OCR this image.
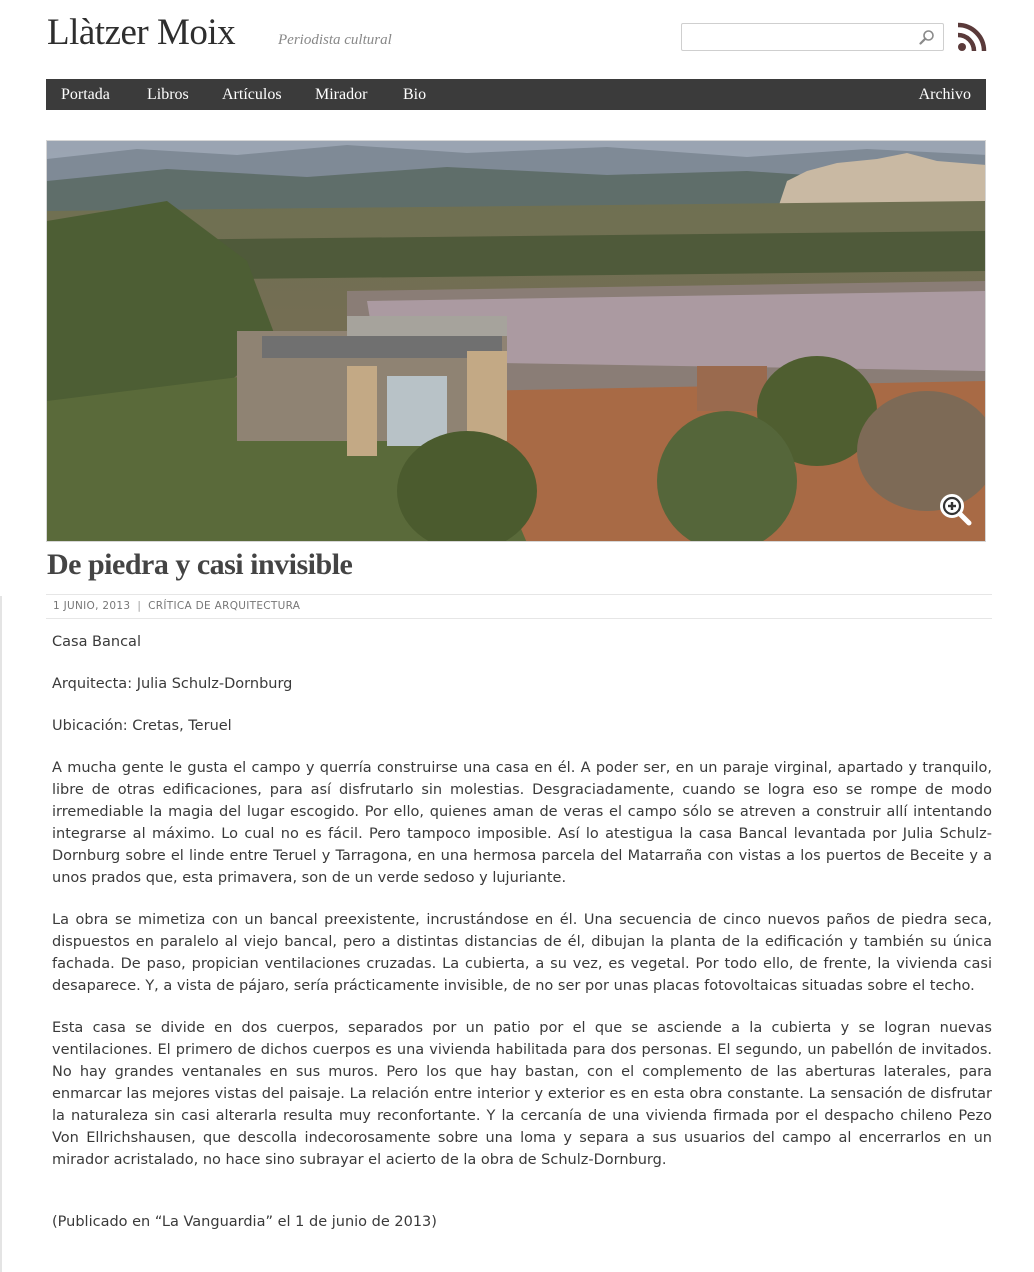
Llàtzer Moix	Periodista cultural
Portada Libros Artículos Mirador Bio	Archivo
De piedra y casi invisible
1 JUNIO, 2013 | CRÍTICA DE ARQUITECTURA

Casa Bancal

Arquitecta: Julia Schulz-Dornburg

Ubicación: Cretas, Teruel

A mucha gente le gusta el campo y querría construirse una casa en él. A poder ser, en un paraje virginal, apartado y tranquilo, libre de otras edificaciones, para así disfrutarlo sin molestias. Desgraciadamente, cuando se logra eso se rompe de modo irremediable la magia del lugar escogido. Por ello, quienes aman de veras el campo sólo se atreven a construir allí intentando integrarse al máximo. Lo cual no es fácil. Pero tampoco imposible. Así lo atestigua la casa Bancal levantada por Julia Schulz-Dornburg sobre el linde entre Teruel y Tarragona, en una hermosa parcela del Matarraña con vistas a los puertos de Beceite y a unos prados que, esta primavera, son de un verde sedoso y lujuriante.

La obra se mimetiza con un bancal preexistente, incrustándose en él. Una secuencia de cinco nuevos paños de piedra seca, dispuestos en paralelo al viejo bancal, pero a distintas distancias de él, dibujan la planta de la edificación y también su única fachada. De paso, propician ventilaciones cruzadas. La cubierta, a su vez, es vegetal. Por todo ello, de frente, la vivienda casi desaparece. Y, a vista de pájaro, sería prácticamente invisible, de no ser por unas placas fotovoltaicas situadas sobre el techo.

Esta casa se divide en dos cuerpos, separados por un patio por el que se asciende a la cubierta y se logran nuevas ventilaciones. El primero de dichos cuerpos es una vivienda habilitada para dos personas. El segundo, un pabellón de invitados. No hay grandes ventanales en sus muros. Pero los que hay bastan, con el complemento de las aberturas laterales, para enmarcar las mejores vistas del paisaje. La relación entre interior y exterior es en esta obra constante. La sensación de disfrutar la naturaleza sin casi alterarla resulta muy reconfortante. Y la cercanía de una vivienda firmada por el despacho chileno Pezo Von Ellrichshausen, que descolla indecorosamente sobre una loma y separa a sus usuarios del campo al encerrarlos en un mirador acristalado, no hace sino subrayar el acierto de la obra de Schulz-Dornburg.

(Publicado en “La Vanguardia” el 1 de junio de 2013)
